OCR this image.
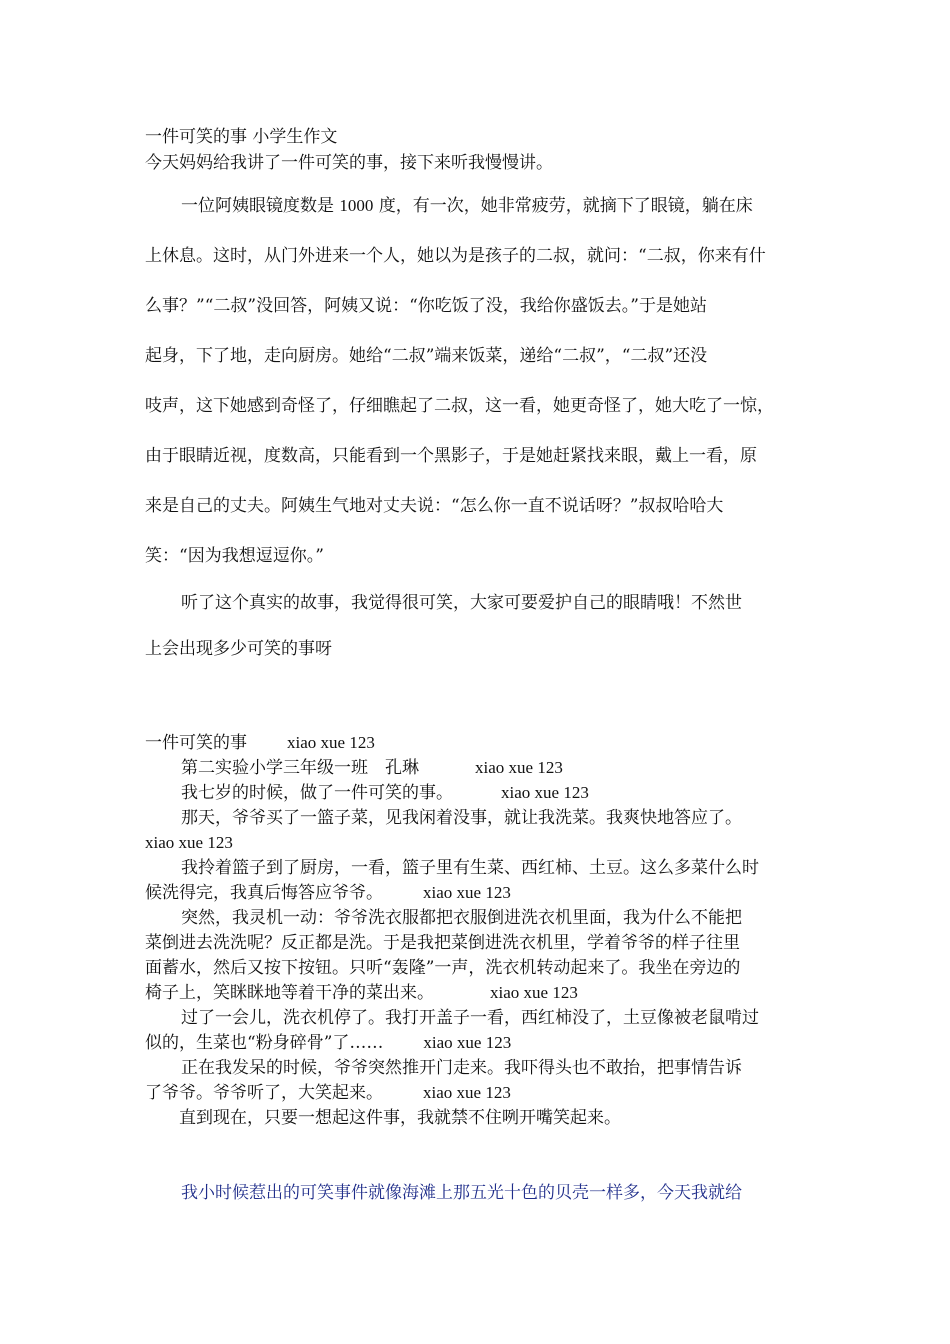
一件可笑的事 小学生作文
今天妈妈给我讲了一件可笑的事，接下来听我慢慢讲。
一位阿姨眼镜度数是 1000 度，有一次，她非常疲劳，就摘下了眼镜，躺在床
上休息。这时，从门外进来一个人，她以为是孩子的二叔，就问：“二叔，你来有什
么事？”“二叔”没回答，阿姨又说：“你吃饭了没，我给你盛饭去。”于是她站
起身，下了地，走向厨房。她给“二叔”端来饭菜，递给“二叔”，“二叔”还没
吱声，这下她感到奇怪了，仔细瞧起了二叔，这一看，她更奇怪了，她大吃了一惊，
由于眼睛近视，度数高，只能看到一个黑影子，于是她赶紧找来眼，戴上一看，原
来是自己的丈夫。阿姨生气地对丈夫说：“怎么你一直不说话呀？”叔叔哈哈大
笑：“因为我想逗逗你。”
听了这个真实的故事，我觉得很可笑，大家可要爱护自己的眼睛哦！不然世
上会出现多少可笑的事呀
一件可笑的事 xiao xue 123
第二实验小学三年级一班　孔琳	xiao xue 123
我七岁的时候，做了一件可笑的事。	xiao xue 123
那天，爷爷买了一篮子菜，见我闲着没事，就让我洗菜。我爽快地答应了。
xiao xue 123
我拎着篮子到了厨房，一看，篮子里有生菜、西红柿、土豆。这么多菜什么时
候洗得完，我真后悔答应爷爷。 xiao xue 123
突然，我灵机一动：爷爷洗衣服都把衣服倒进洗衣机里面，我为什么不能把
菜倒进去洗洗呢？反正都是洗。于是我把菜倒进洗衣机里，学着爷爷的样子往里
面蓄水，然后又按下按钮。只听“轰隆”一声，洗衣机转动起来了。我坐在旁边的
椅子上，笑眯眯地等着干净的菜出来。	xiao xue 123
过了一会儿，洗衣机停了。我打开盖子一看，西红柿没了，土豆像被老鼠啃过
似的，生菜也“粉身碎骨”了…… xiao xue 123
正在我发呆的时候，爷爷突然推开门走来。我吓得头也不敢抬，把事情告诉
了爷爷。爷爷听了，大笑起来。 xiao xue 123
直到现在，只要一想起这件事，我就禁不住咧开嘴笑起来。
我小时候惹出的可笑事件就像海滩上那五光十色的贝壳一样多，今天我就给
